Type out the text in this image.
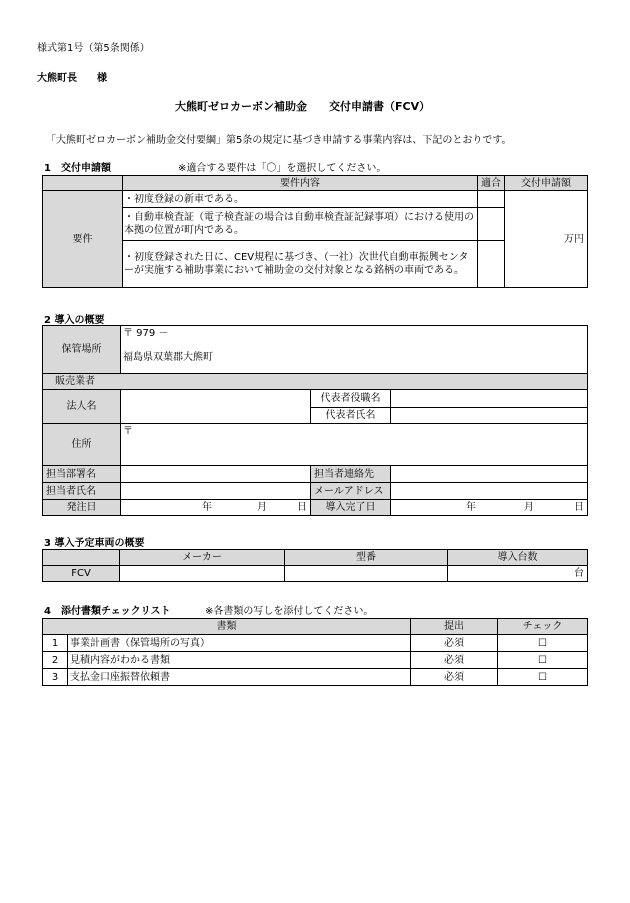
様式第1号（第5条関係）
大熊町長　　様
大熊町ゼロカーボン補助金　　交付申請書（FCV）
「大熊町ゼロカーボン補助金交付要綱」第5条の規定に基づき申請する事業内容は、下記のとおりです。
1　交付申請額	※適合する要件は「〇」を選択してください。
	要件内容	適合	交付申請額
要件	・初度登録の新車である。		万円
	・自動車検査証（電子検査証の場合は自動車検査証記録事項）における使用の本拠の位置が町内である。		
	・初度登録された日に、CEV規程に基づき、（一社）次世代自動車振興センターが実施する補助事業において補助金の交付対象となる銘柄の車両である。		
2 導入の概要
保管場所	〒 979 －
福島県双葉郡大熊町		

販売業者			
法人名		代表者役職名	
		代表者氏名	
住所	〒		
担当部署名		担当者連絡先	
担当者氏名		メールアドレス	
発注日	年 月 日	導入完了日	年 月 日
3 導入予定車両の概要
	メーカー	型番	導入台数
FCV			台
4　添付書類チェックリスト	※各書類の写しを添付してください。
書類		提出	チェック
1	事業計画書（保管場所の写真）	必須	☐
2	見積内容がわかる書類	必須	☐
3	支払金口座振替依頼書	必須	☐
